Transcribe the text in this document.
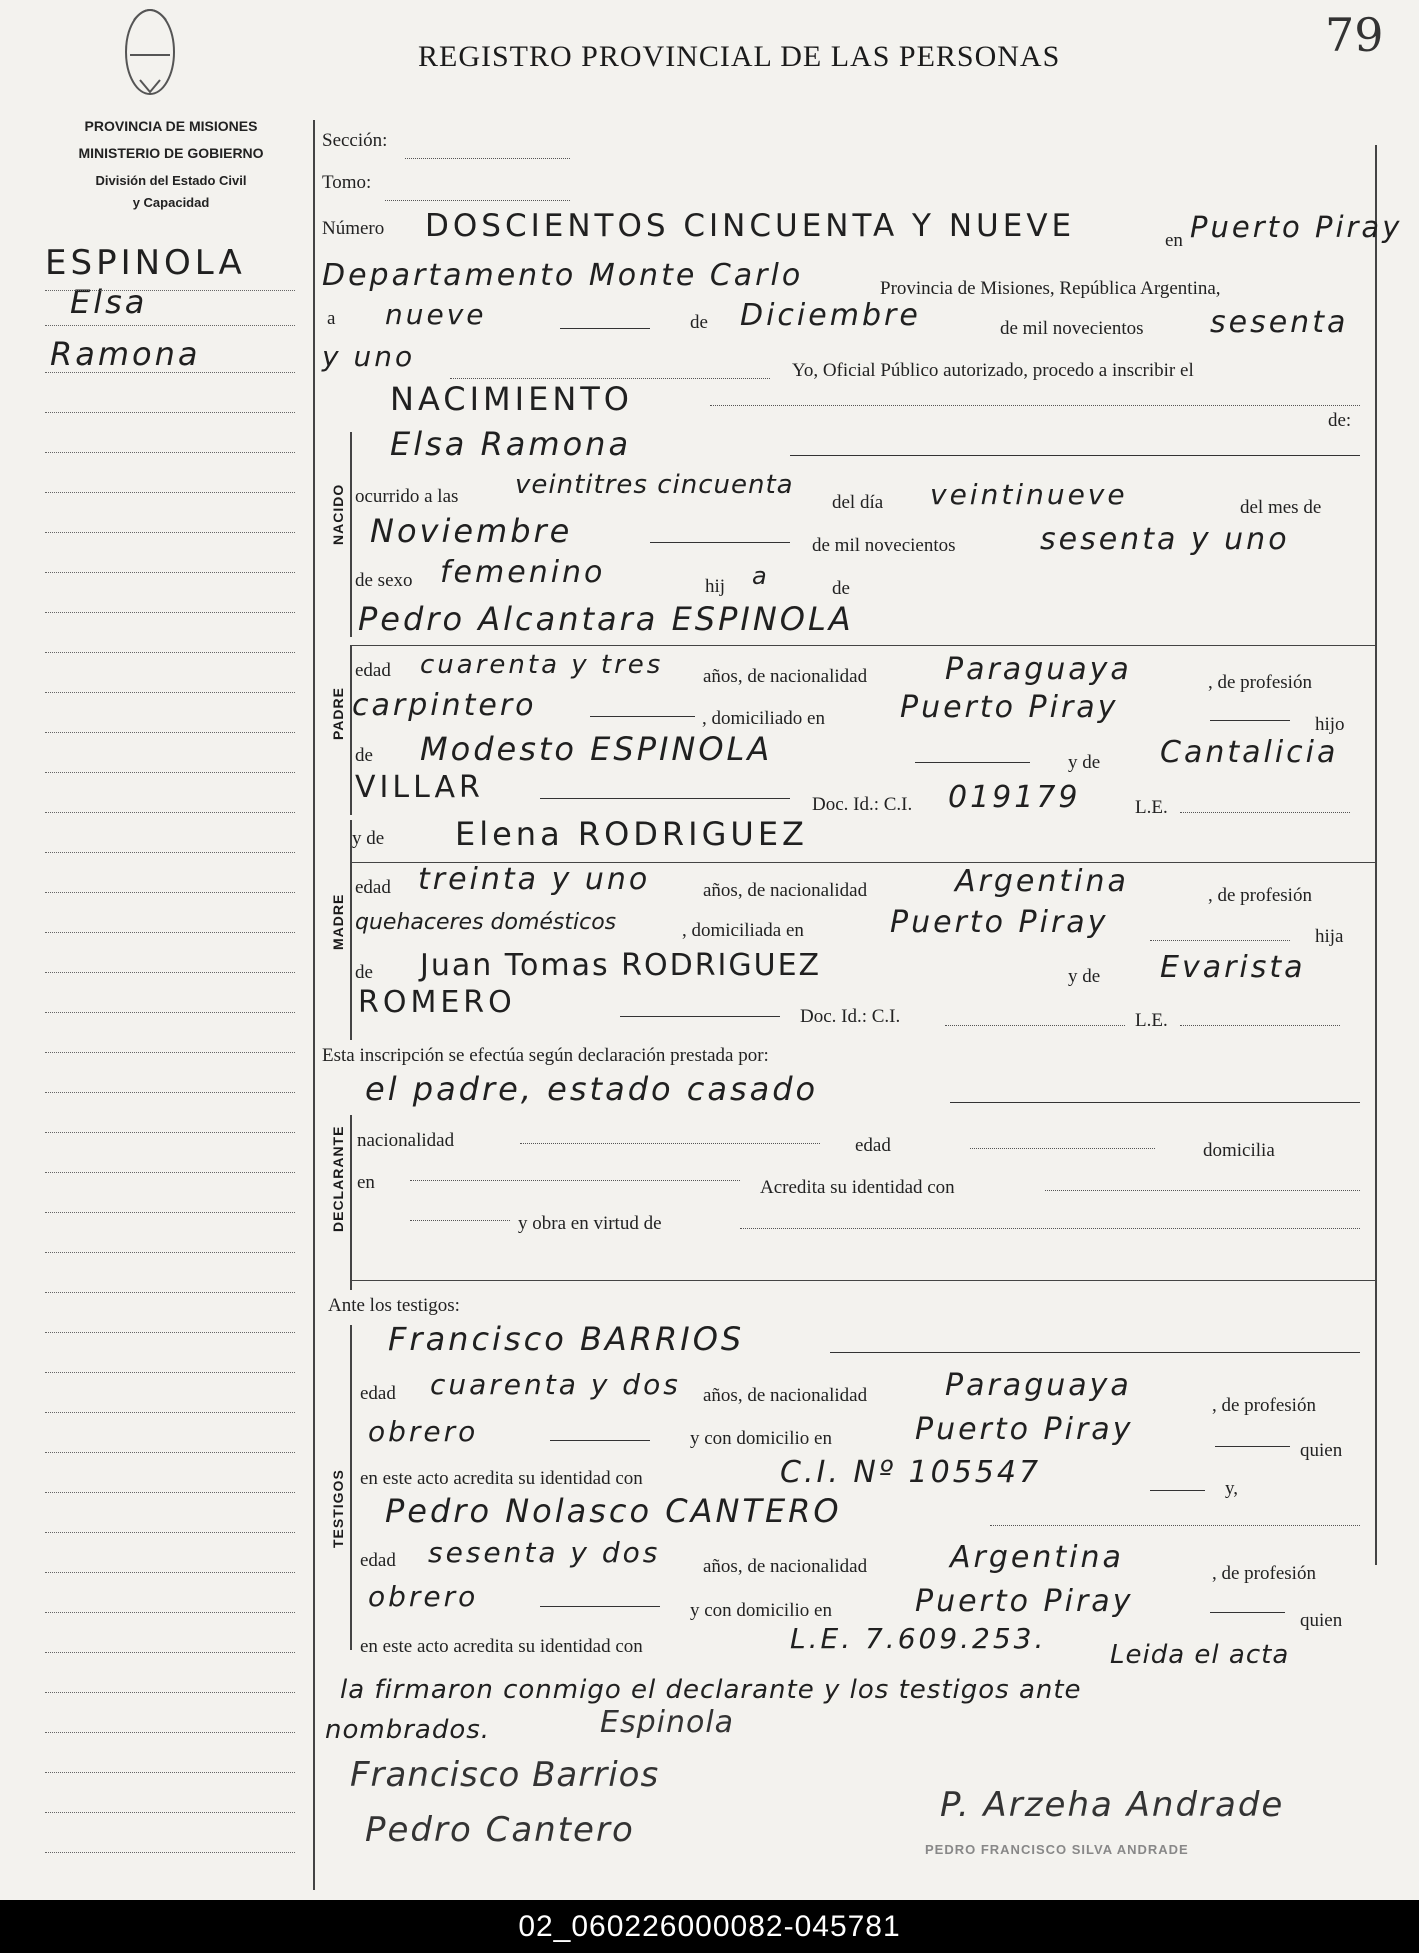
79
REGISTRO PROVINCIAL DE LAS PERSONAS
PROVINCIA DE MISIONES
MINISTERIO DE GOBIERNO
División del Estado Civil
y Capacidad
ESPINOLA
Elsa
Ramona
Sección:
Tomo:
Número DOSCIENTOS CINCUENTA Y NUEVE	en Puerto Piray
Departamento Monte Carlo	Provincia de Misiones, República Argentina,
a nueve	de Diciembre	de mil novecientos sesenta
y uno	Yo, Oficial Público autorizado, procedo a inscribir el
NACIMIENTO
de:
NACIDO
Elsa Ramona
ocurrido a las veintitres cincuenta
del día veintinueve	del mes de
Noviembre	de mil novecientos	sesenta y uno
de sexo femenino	hij a	de
Pedro Alcantara ESPINOLA
PADRE
edad cuarenta y tres años, de nacionalidad	Paraguaya	, de profesión
carpintero	, domiciliado en	Puerto Piray	hijo
de Modesto ESPINOLA	y de Cantalicia
VILLAR	Doc. Id.: C.I. 019179	L.E.
y de Elena RODRIGUEZ
MADRE
edad treinta y uno	años, de nacionalidad	Argentina	, de profesión
quehaceres domésticos	, domiciliada en	Puerto Piray	hija
de Juan Tomas RODRIGUEZ	y de Evarista
ROMERO	Doc. Id.: C.I.	L.E.
Esta inscripción se efectúa según declaración prestada por:
el padre, estado casado
DECLARANTE nacionalidad	edad	domicilia
en	Acredita su identidad con
y obra en virtud de
Ante los testigos:
Francisco BARRIOS
TESTIGOS
edad cuarenta y dos años, de nacionalidad	Paraguaya
, de profesión
obrero	y con domicilio en	Puerto Piray
quien
en este acto acredita su identidad con	C.I. Nº 105547	y,
Pedro Nolasco CANTERO
edad sesenta y dos años, de nacionalidad	Argentina	, de profesión
obrero	y con domicilio en	Puerto Piray
quien
en este acto acredita su identidad con	L.E. 7.609.253. Leida el acta
la firmaron conmigo el declarante y los testigos ante
nombrados.	Espinola
Francisco Barrios
Pedro Cantero
P. Arzeha Andrade
PEDRO FRANCISCO SILVA ANDRADE
02_060226000082-045781
